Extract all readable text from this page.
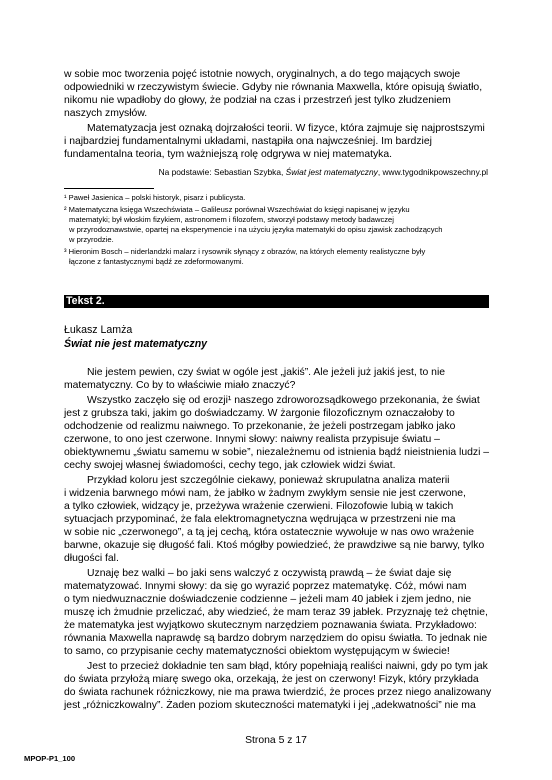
w sobie moc tworzenia pojęć istotnie nowych, oryginalnych, a do tego mających swoje
odpowiedniki w rzeczywistym świecie. Gdyby nie równania Maxwella, które opisują światło,
nikomu nie wpadłoby do głowy, że podział na czas i przestrzeń jest tylko złudzeniem
naszych zmysłów.
Matematyzacja jest oznaką dojrzałości teorii. W fizyce, która zajmuje się najprostszymi
i najbardziej fundamentalnymi układami, nastąpiła ona najwcześniej. Im bardziej
fundamentalna teoria, tym ważniejszą rolę odgrywa w niej matematyka.
Na podstawie: Sebastian Szybka, Świat jest matematyczny, www.tygodnikpowszechny.pl
¹ Paweł Jasienica – polski historyk, pisarz i publicysta.
² Matematyczna księga Wszechświata – Galileusz porównał Wszechświat do księgi napisanej w języku
matematyki; był włoskim fizykiem, astronomem i filozofem, stworzył podstawy metody badawczej
w przyrodoznawstwie, opartej na eksperymencie i na użyciu języka matematyki do opisu zjawisk zachodzących
w przyrodzie.
³ Hieronim Bosch – niderlandzki malarz i rysownik słynący z obrazów, na których elementy realistyczne były
łączone z fantastycznymi bądź ze zdeformowanymi.
Tekst 2.
Łukasz Lamża
Świat nie jest matematyczny
Nie jestem pewien, czy świat w ogóle jest „jakiś”. Ale jeżeli już jakiś jest, to nie
matematyczny. Co by to właściwie miało znaczyć?
Wszystko zaczęło się od erozji¹ naszego zdroworozsądkowego przekonania, że świat
jest z grubsza taki, jakim go doświadczamy. W żargonie filozoficznym oznaczałoby to
odchodzenie od realizmu naiwnego. To przekonanie, że jeżeli postrzegam jabłko jako
czerwone, to ono jest czerwone. Innymi słowy: naiwny realista przypisuje światu –
obiektywnemu „światu samemu w sobie”, niezależnemu od istnienia bądź nieistnienia ludzi –
cechy swojej własnej świadomości, cechy tego, jak człowiek widzi świat.
Przykład koloru jest szczególnie ciekawy, ponieważ skrupulatna analiza materii
i widzenia barwnego mówi nam, że jabłko w żadnym zwykłym sensie nie jest czerwone,
a tylko człowiek, widzący je, przeżywa wrażenie czerwieni. Filozofowie lubią w takich
sytuacjach przypominać, że fala elektromagnetyczna wędrująca w przestrzeni nie ma
w sobie nic „czerwonego”, a tą jej cechą, która ostatecznie wywołuje w nas owo wrażenie
barwne, okazuje się długość fali. Ktoś mógłby powiedzieć, że prawdziwe są nie barwy, tylko
długości fal.
Uznaję bez walki – bo jaki sens walczyć z oczywistą prawdą – że świat daje się
matematyzować. Innymi słowy: da się go wyrazić poprzez matematykę. Cóż, mówi nam
o tym niedwuznacznie doświadczenie codzienne – jeżeli mam 40 jabłek i zjem jedno, nie
muszę ich żmudnie przeliczać, aby wiedzieć, że mam teraz 39 jabłek. Przyznaję też chętnie,
że matematyka jest wyjątkowo skutecznym narzędziem poznawania świata. Przykładowo:
równania Maxwella naprawdę są bardzo dobrym narzędziem do opisu światła. To jednak nie
to samo, co przypisanie cechy matematyczności obiektom występującym w świecie!
Jest to przecież dokładnie ten sam błąd, który popełniają realiści naiwni, gdy po tym jak
do świata przyłożą miarę swego oka, orzekają, że jest on czerwony! Fizyk, który przykłada
do świata rachunek różniczkowy, nie ma prawa twierdzić, że proces przez niego analizowany
jest „różniczkowalny”. Żaden poziom skuteczności matematyki i jej „adekwatności” nie ma
Strona 5 z 17
MPOP-P1_100
